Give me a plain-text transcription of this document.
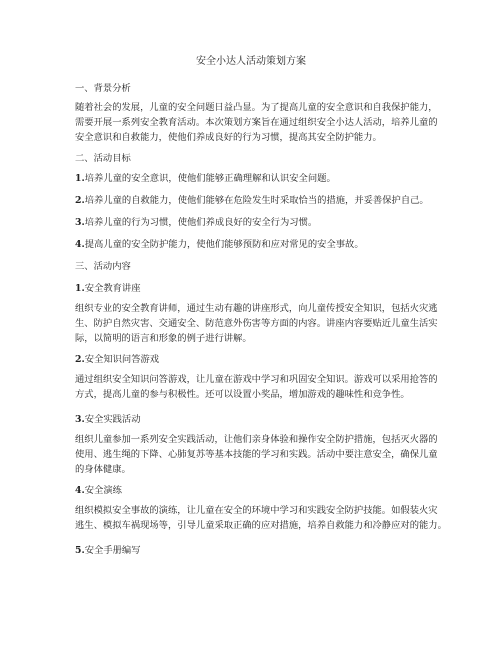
安全小达人活动策划方案
一、背景分析
随着社会的发展，儿童的安全问题日益凸显。为了提高儿童的安全意识和自我保护能力，
需要开展一系列安全教育活动。本次策划方案旨在通过组织安全小达人活动，培养儿童的
安全意识和自救能力，使他们养成良好的行为习惯，提高其安全防护能力。
二、活动目标
1.培养儿童的安全意识，使他们能够正确理解和认识安全问题。
2.培养儿童的自救能力，使他们能够在危险发生时采取恰当的措施，并妥善保护自己。
3.培养儿童的行为习惯，使他们养成良好的安全行为习惯。
4.提高儿童的安全防护能力，使他们能够预防和应对常见的安全事故。
三、活动内容
1.安全教育讲座
组织专业的安全教育讲师，通过生动有趣的讲座形式，向儿童传授安全知识，包括火灾逃
生、防护自然灾害、交通安全、防范意外伤害等方面的内容。讲座内容要贴近儿童生活实
际，以简明的语言和形象的例子进行讲解。
2.安全知识问答游戏
通过组织安全知识问答游戏，让儿童在游戏中学习和巩固安全知识。游戏可以采用抢答的
方式，提高儿童的参与积极性。还可以设置小奖品，增加游戏的趣味性和竞争性。
3.安全实践活动
组织儿童参加一系列安全实践活动，让他们亲身体验和操作安全防护措施，包括灭火器的
使用、逃生绳的下降、心肺复苏等基本技能的学习和实践。活动中要注意安全，确保儿童
的身体健康。
4.安全演练
组织模拟安全事故的演练，让儿童在安全的环境中学习和实践安全防护技能。如假装火灾
逃生、模拟车祸现场等，引导儿童采取正确的应对措施，培养自救能力和冷静应对的能力。
5.安全手册编写
